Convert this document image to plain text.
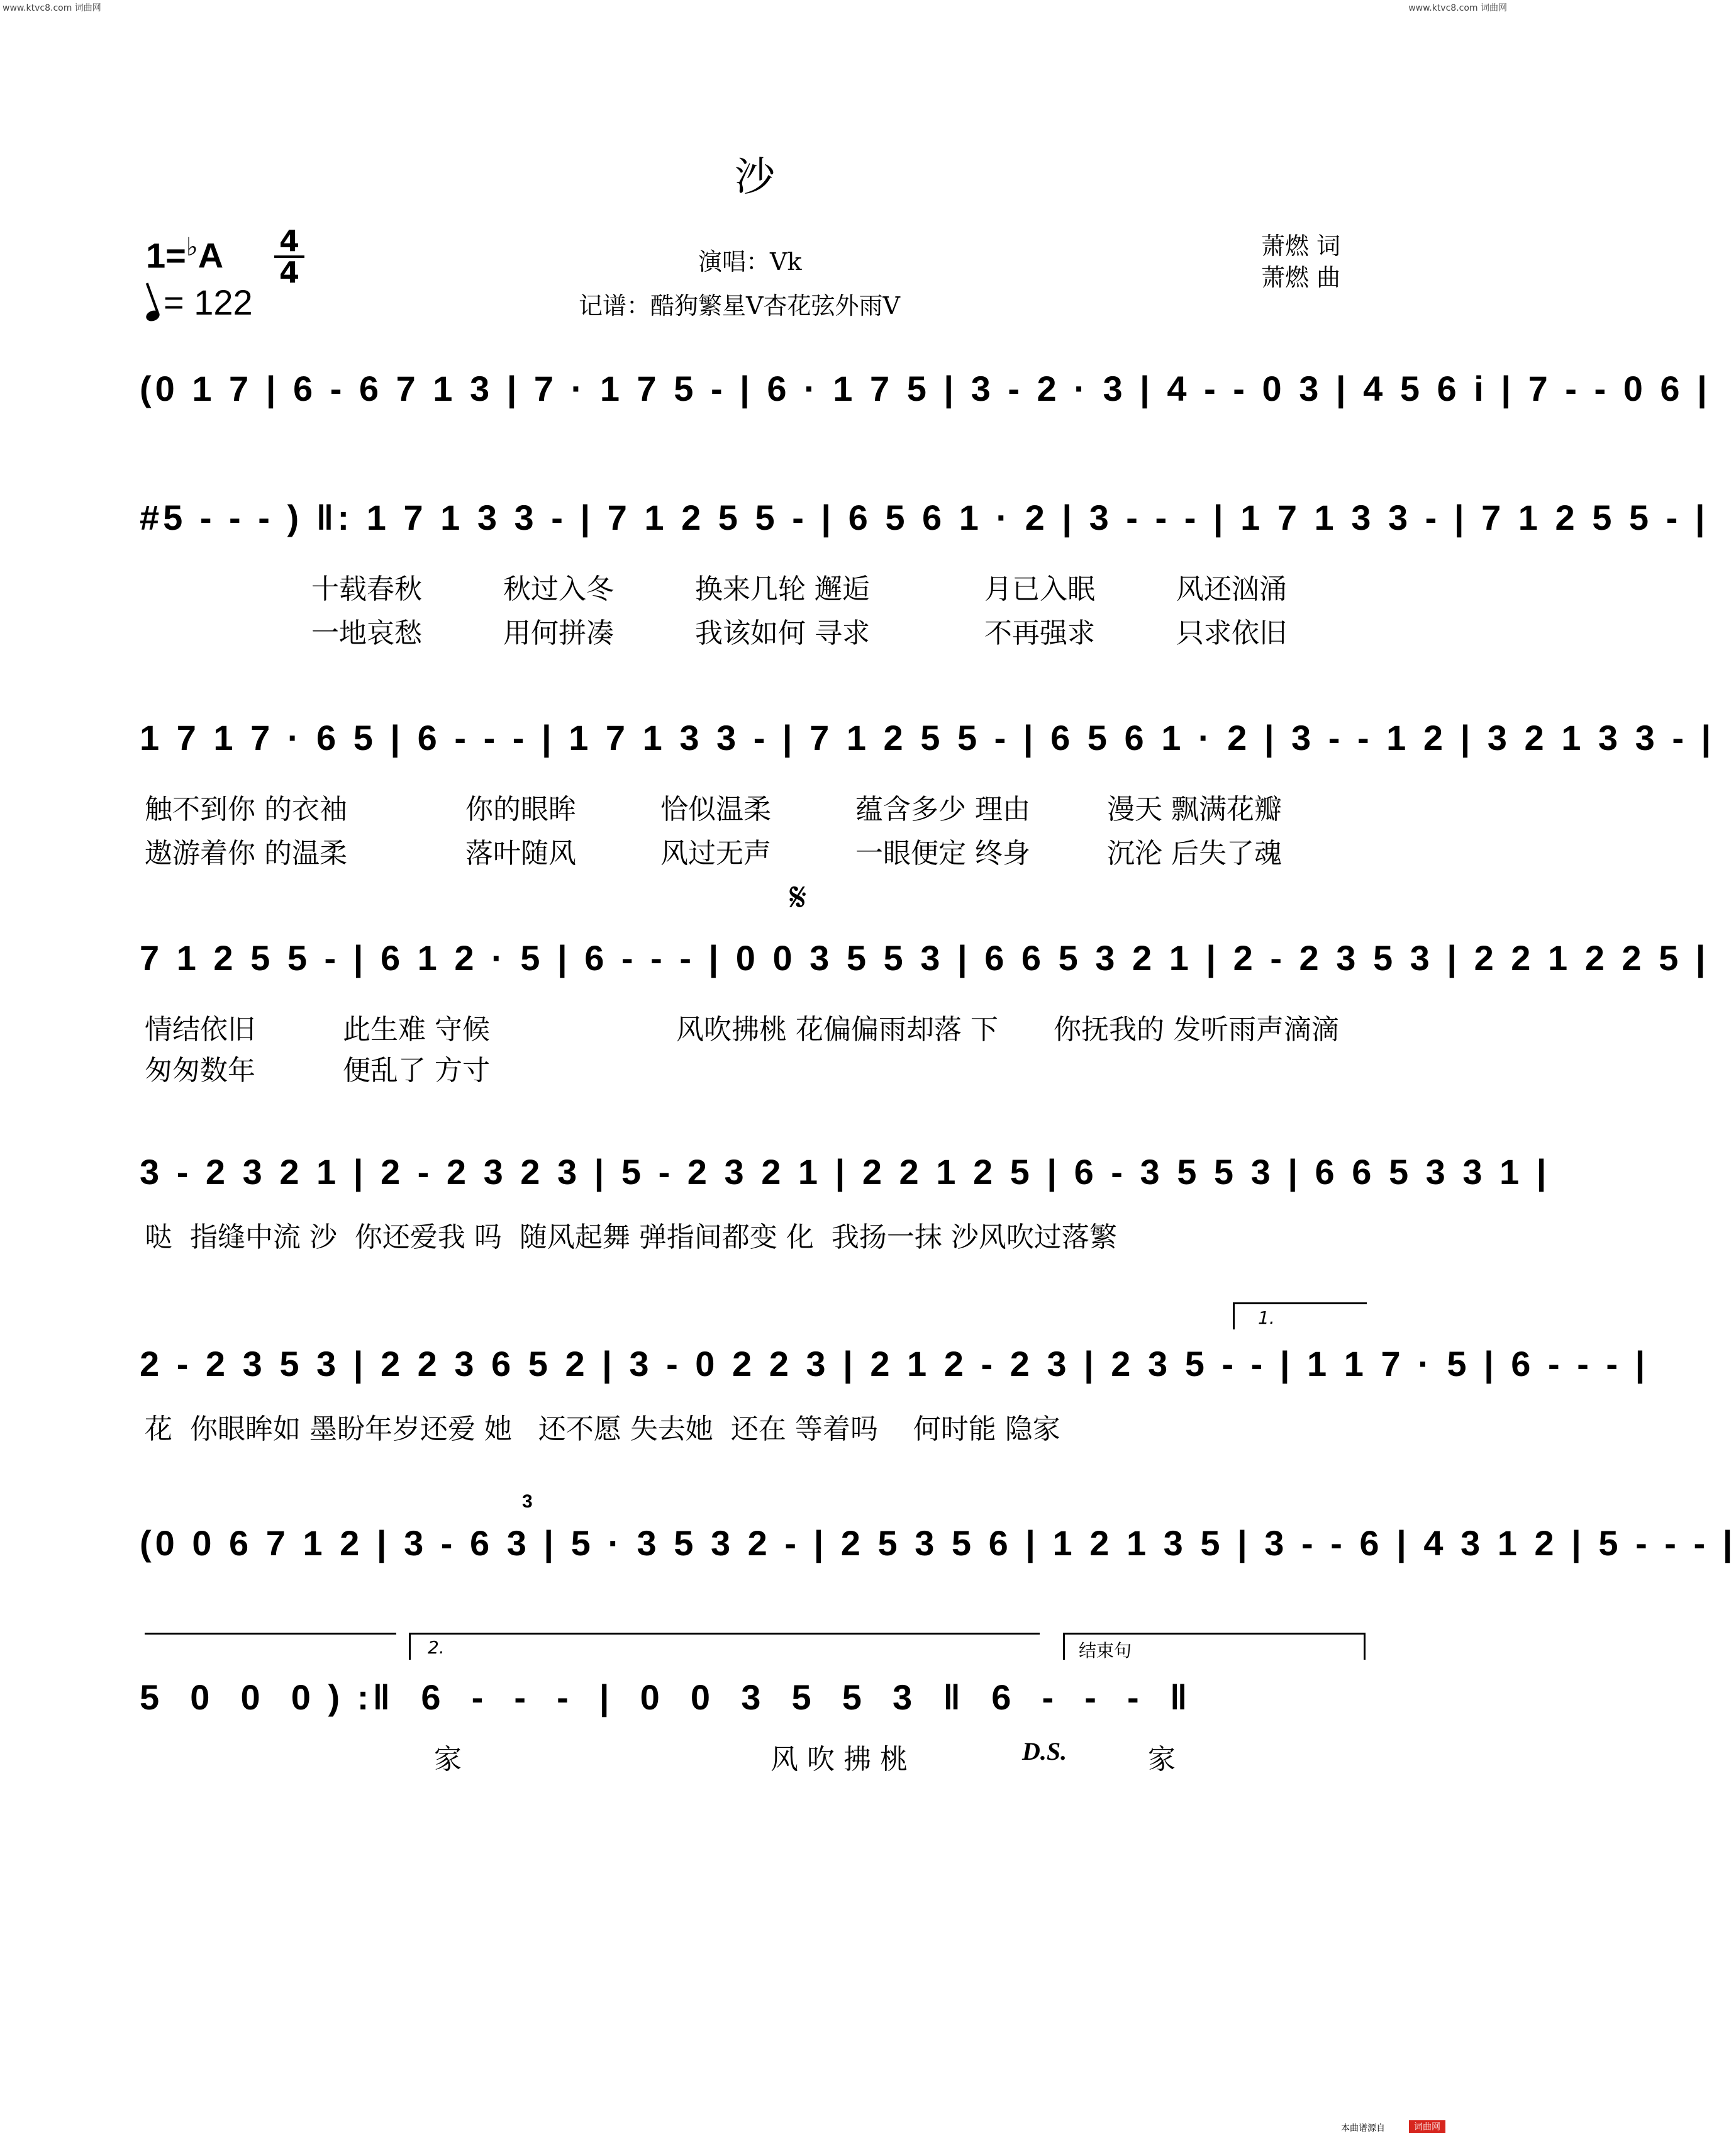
www.ktvc8.com 词曲网	www.ktvc8.com 词曲网
沙
1=♭A 4
4
= 122
演唱：Vk
记谱：酷狗繁星V杏花弦外雨V
萧燃 词
萧燃 曲
(0 1 7 | 6 - 6 7 1 3 | 7 · 1 7 5 - | 6 · 1 7 5 | 3 - 2 · 3 | 4 - - 0 3 | 4 5 6 i | 7 - - 0 6 |
#5 - - - ) ‖: 1 7 1 3 3 - | 7 1 2 5 5 - | 6 5 6 1 · 2 | 3 - - - | 1 7 1 3 3 - | 7 1 2 5 5 - |
十载春秋	秋过入冬	换来几轮 邂逅	月已入眠	风还汹涌
一地哀愁	用何拼凑	我该如何 寻求	不再强求	只求依旧
1 7 1 7 · 6 5 | 6 - - - | 1 7 1 3 3 - | 7 1 2 5 5 - | 6 5 6 1 · 2 | 3 - - 1 2 | 3 2 1 3 3 - |
触不到你 的衣袖	你的眼眸	恰似温柔	蕴含多少 理由	漫天 飘满花瓣
遨游着你 的温柔	落叶随风	风过无声	一眼便定 终身	沉沦 后失了魂
𝄋
7 1 2 5 5 - | 6 1 2 · 5 | 6 - - - | 0 0 3 5 5 3 | 6 6 5 3 2 1 | 2 - 2 3 5 3 | 2 2 1 2 2 5 |
情结依旧	此生难 守候	风吹拂桃 花偏偏雨却落 下 你抚我的 发听雨声滴滴
匆匆数年	便乱了 方寸
3 - 2 3 2 1 | 2 - 2 3 2 3 | 5 - 2 3 2 1 | 2 2 1 2 5 | 6 - 3 5 5 3 | 6 6 5 3 3 1 |
哒  指缝中流 沙  你还爱我 吗  随风起舞 弹指间都变 化  我扬一抹 沙风吹过落繁
1.
2 - 2 3 5 3 | 2 2 3 6 5 2 | 3 - 0 2 2 3 | 2 1 2 - 2 3 | 2 3 5 - - | 1 1 7 · 5 | 6 - - - |
花  你眼眸如 墨盼年岁还爱 她   还不愿 失去她  还在 等着吗    何时能 隐家
3
(0 0 6 7 1 2 | 3 - 6 3 | 5 · 3 5 3 2 - | 2 5 3 5 6 | 1 2 1 3 5 | 3 - - 6 | 4 3 1 2 | 5 - - - |
2.	结束句
5  0  0  0 ) :‖  6  -  -  -  |  0  0  3  5  5  3  ‖  6  -  -  -  ‖
家	风 吹 拂 桃	D.S.	家
本曲谱源自	词曲网
